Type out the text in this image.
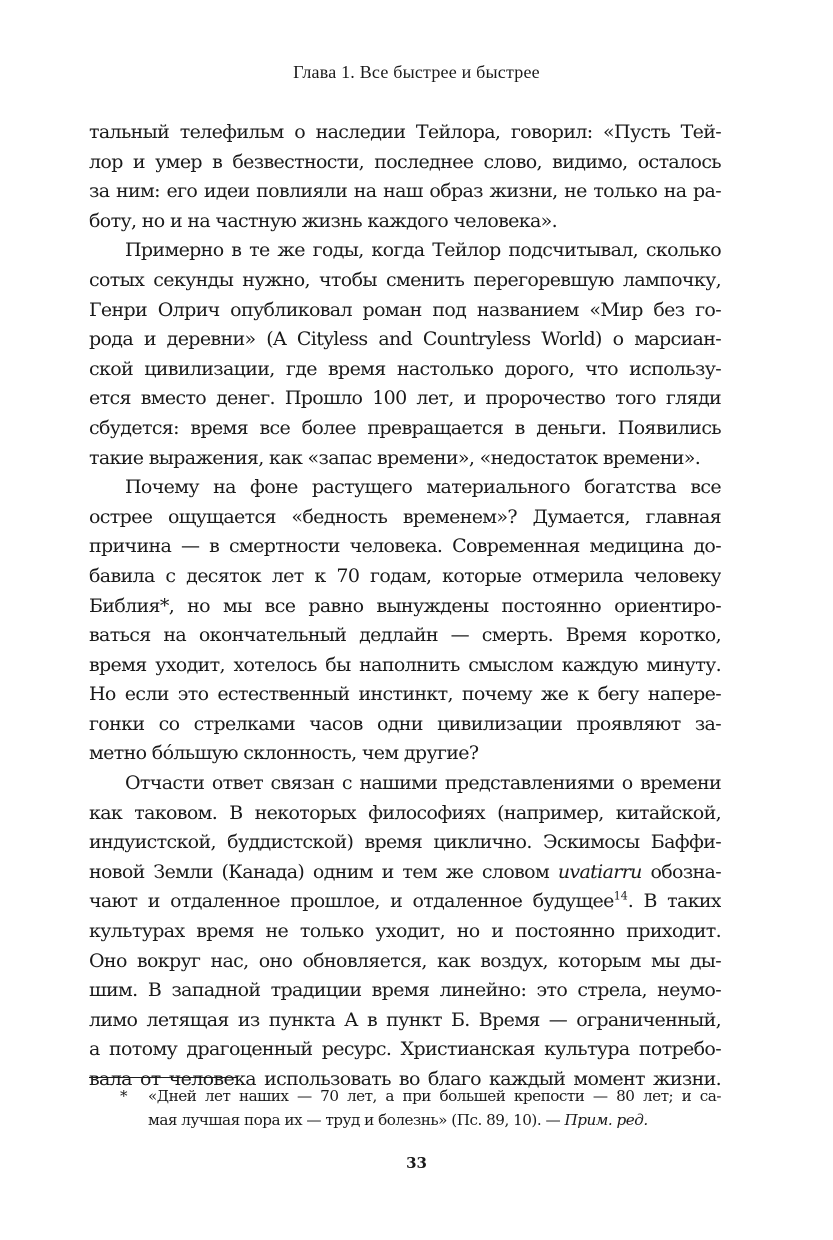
Глава 1. Все быстрее и быстрее
тальный телефильм о наследии Тейлора, говорил: «Пусть Тей-
лор и умер в безвестности, последнее слово, видимо, осталось
за ним: его идеи повлияли на наш образ жизни, не только на ра-
боту, но и на частную жизнь каждого человека».
Примерно в те же годы, когда Тейлор подсчитывал, сколько
сотых секунды нужно, чтобы сменить перегоревшую лампочку,
Генри Олрич опубликовал роман под названием «Мир без го-
рода и деревни» (A Cityless and Countryless World) о марсиан-
ской цивилизации, где время настолько дорого, что использу-
ется вместо денег. Прошло 100 лет, и пророчество того гляди
сбудется: время все более превращается в деньги. Появились
такие выражения, как «запас времени», «недостаток времени».
Почему на фоне растущего материального богатства все
острее ощущается «бедность временем»? Думается, главная
причина — в смертности человека. Современная медицина до-
бавила с десяток лет к 70 годам, которые отмерила человеку
Библия*, но мы все равно вынуждены постоянно ориентиро-
ваться на окончательный дедлайн — смерть. Время коротко,
время уходит, хотелось бы наполнить смыслом каждую минуту.
Но если это естественный инстинкт, почему же к бегу напере-
гонки со стрелками часов одни цивилизации проявляют за-
метно бóльшую склонность, чем другие?
Отчасти ответ связан с нашими представлениями о времени
как таковом. В некоторых философиях (например, китайской,
индуистской, буддистской) время циклично. Эскимосы Баффи-
новой Земли (Канада) одним и тем же словом uvatiarru обозна-
чают и отдаленное прошлое, и отдаленное будущее$^{14}$. В таких
культурах время не только уходит, но и постоянно приходит.
Оно вокруг нас, оно обновляется, как воздух, которым мы ды-
шим. В западной традиции время линейно: это стрела, неумо-
лимо летящая из пункта А в пункт Б. Время — ограниченный,
а потому драгоценный ресурс. Христианская культура потребо-
вала от человека использовать во благо каждый момент жизни.
* «Дней лет наших — 70 лет, а при большей крепости — 80 лет; и са-
мая лучшая пора их — труд и болезнь» (Пс. 89, 10). — Прим. ред.
33
